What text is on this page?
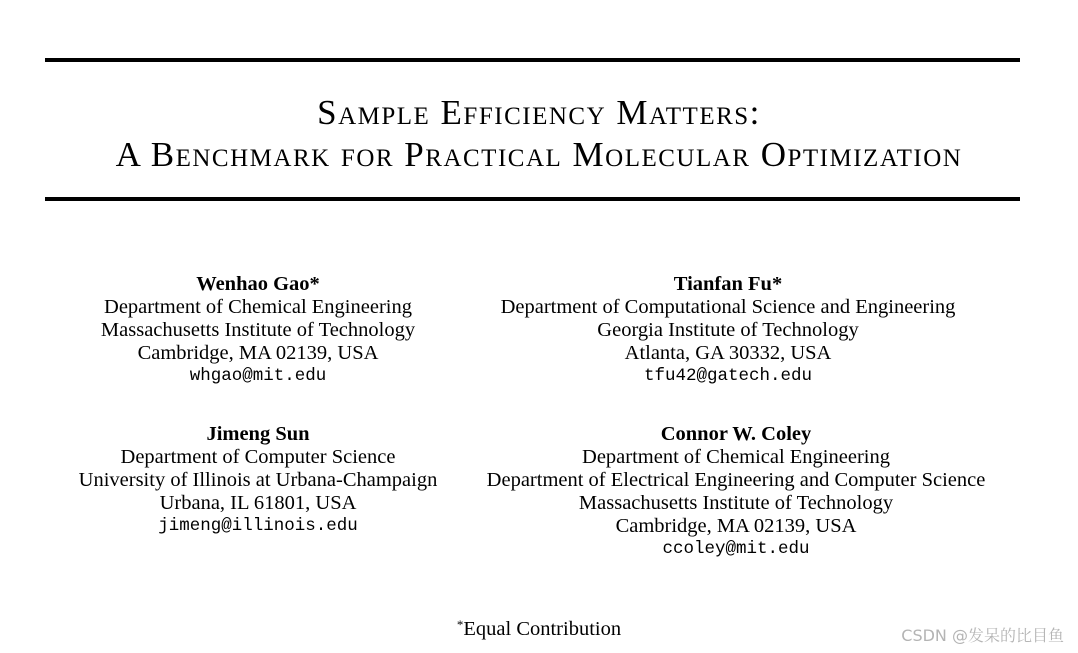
Sample Efficiency Matters:
A Benchmark for Practical Molecular Optimization
Wenhao Gao*
Department of Chemical Engineering
Massachusetts Institute of Technology
Cambridge, MA 02139, USA
whgao@mit.edu
Tianfan Fu*
Department of Computational Science and Engineering
Georgia Institute of Technology
Atlanta, GA 30332, USA
tfu42@gatech.edu
Jimeng Sun
Department of Computer Science
University of Illinois at Urbana-Champaign
Urbana, IL 61801, USA
jimeng@illinois.edu
Connor W. Coley
Department of Chemical Engineering
Department of Electrical Engineering and Computer Science
Massachusetts Institute of Technology
Cambridge, MA 02139, USA
ccoley@mit.edu
*Equal Contribution	CSDN @发呆的比目鱼
